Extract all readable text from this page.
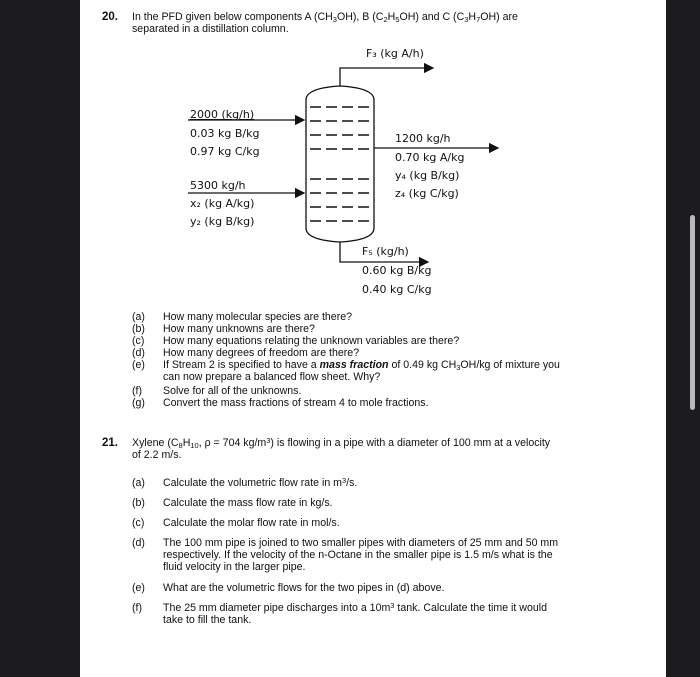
20. In the PFD given below components A (CH3OH), B (C2H5OH) and C (C3H7OH) are
separated in a distillation column.
F₃ (kg A/h)
2000 (kg/h)
0.03 kg B/kg
0.97 kg C/kg
5300 kg/h
x₂ (kg A/kg)
y₂ (kg B/kg)
1200 kg/h
0.70 kg A/kg
y₄ (kg B/kg)
z₄ (kg C/kg)
F₅ (kg/h)
0.60 kg B/kg
0.40 kg C/kg
(a) How many molecular species are there?
(b) How many unknowns are there?
(c) How many equations relating the unknown variables are there?
(d) How many degrees of freedom are there?
(e) If Stream 2 is specified to have a mass fraction of 0.49 kg CH3OH/kg of mixture you
can now prepare a balanced flow sheet. Why?
(f) Solve for all of the unknowns.
(g) Convert the mass fractions of stream 4 to mole fractions.
21. Xylene (C8H10, ρ = 704 $kg/m^3$) is flowing in a pipe with a diameter of 100 mm at a velocity
of 2.2 m/s.
(a) Calculate the volumetric flow rate in $m^3/s$.
(b) Calculate the mass flow rate in kg/s.
(c) Calculate the molar flow rate in mol/s.
(d) The 100 mm pipe is joined to two smaller pipes with diameters of 25 mm and 50 mm
respectively. If the velocity of the n-Octane in the smaller pipe is 1.5 m/s what is the
fluid velocity in the larger pipe.
(e) What are the volumetric flows for the two pipes in (d) above.
(f) The 25 mm diameter pipe discharges into a $10m^3$ tank. Calculate the time it would
take to fill the tank.
